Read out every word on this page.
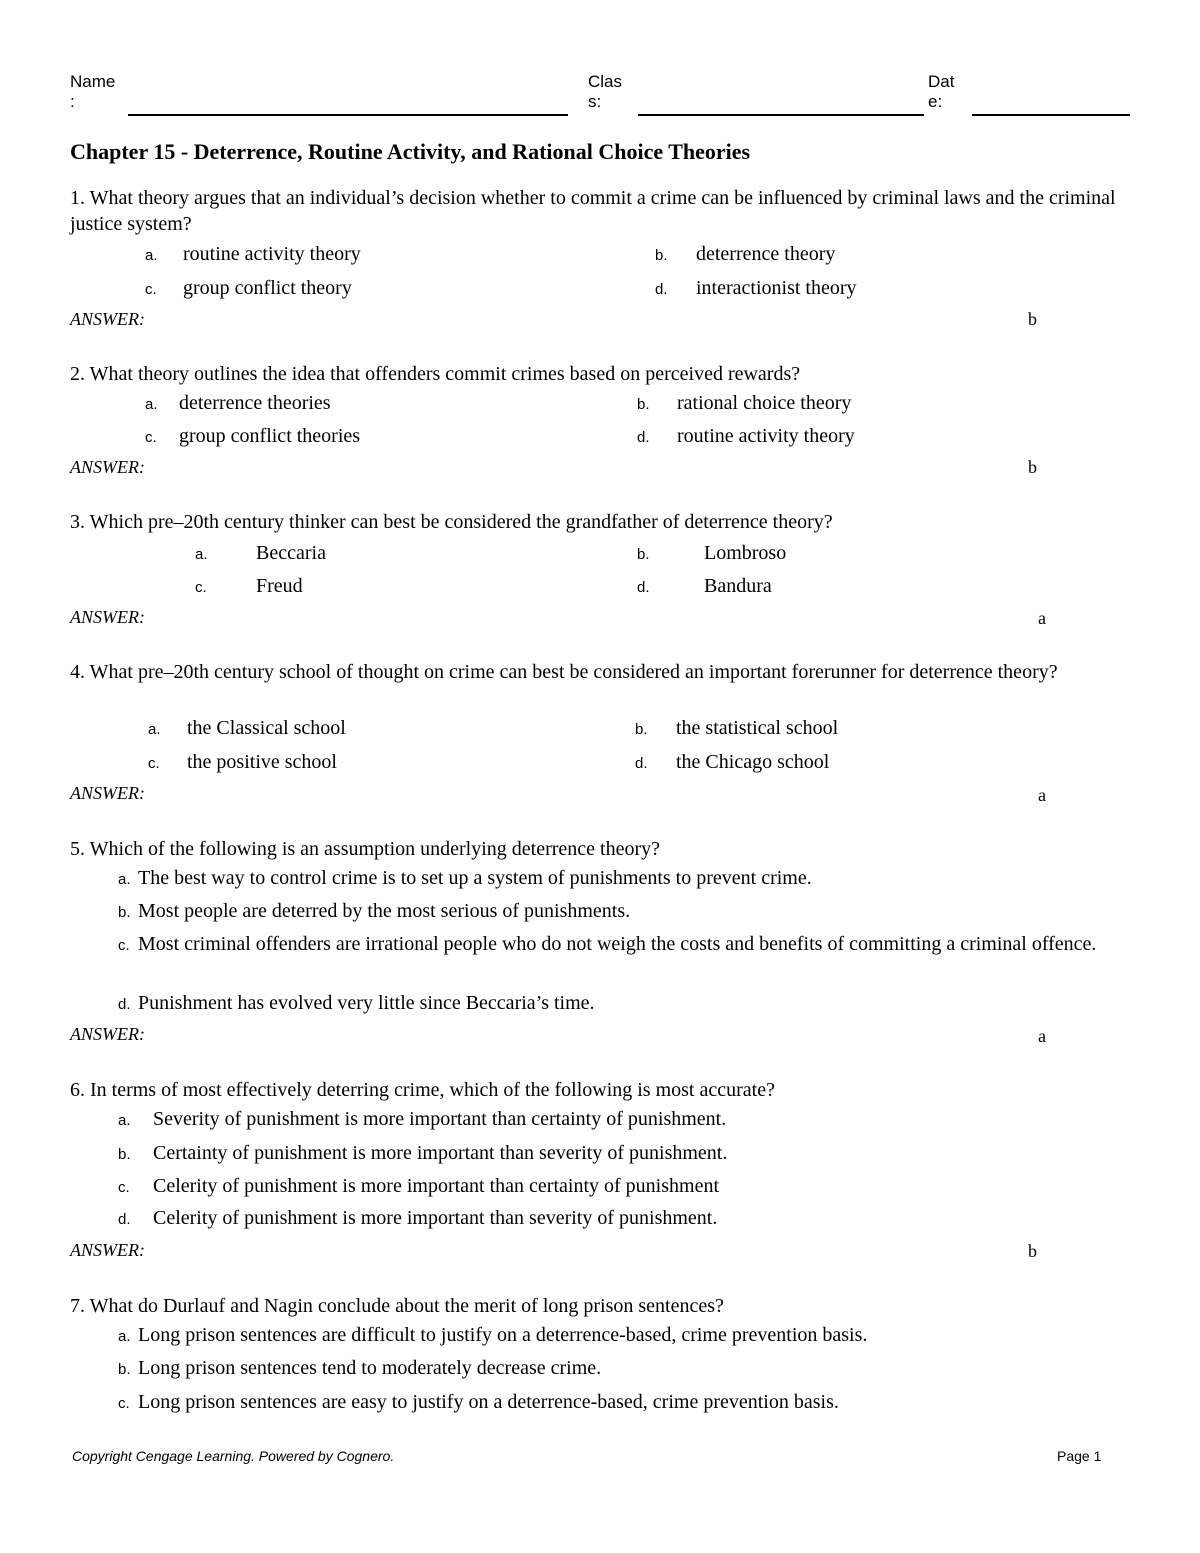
Name
:
Clas
s:
Dat
e:
Chapter 15 - Deterrence, Routine Activity, and Rational Choice Theories
1. What theory argues that an individual’s decision whether to commit a crime can be influenced by criminal laws and the criminal justice system?
a. routine activity theory	b. deterrence theory
c. group conflict theory	d. interactionist theory
ANSWER:	b
2. What theory outlines the idea that offenders commit crimes based on perceived rewards?
a. deterrence theories	b. rational choice theory
c. group conflict theories	d. routine activity theory
ANSWER:	b
3. Which pre–20th century thinker can best be considered the grandfather of deterrence theory?
a. Beccaria	b.	Lombroso
c. Freud	d.	Bandura
ANSWER:	a
4. What pre–20th century school of thought on crime can best be considered an important forerunner for deterrence theory?
a. the Classical school	b. the statistical school
c. the positive school	d. the Chicago school
ANSWER:	a
5. Which of the following is an assumption underlying deterrence theory?
a. The best way to control crime is to set up a system of punishments to prevent crime.
b. Most people are deterred by the most serious of punishments.
c. Most criminal offenders are irrational people who do not weigh the costs and benefits of committing a criminal offence.
d. Punishment has evolved very little since Beccaria’s time.
ANSWER:	a
6. In terms of most effectively deterring crime, which of the following is most accurate?
a. Severity of punishment is more important than certainty of punishment.
b. Certainty of punishment is more important than severity of punishment.
c. Celerity of punishment is more important than certainty of punishment
d. Celerity of punishment is more important than severity of punishment.
ANSWER:	b
7. What do Durlauf and Nagin conclude about the merit of long prison sentences?
a. Long prison sentences are difficult to justify on a deterrence-based, crime prevention basis.
b. Long prison sentences tend to moderately decrease crime.
c. Long prison sentences are easy to justify on a deterrence-based, crime prevention basis.
Copyright Cengage Learning. Powered by Cognero.	Page 1
